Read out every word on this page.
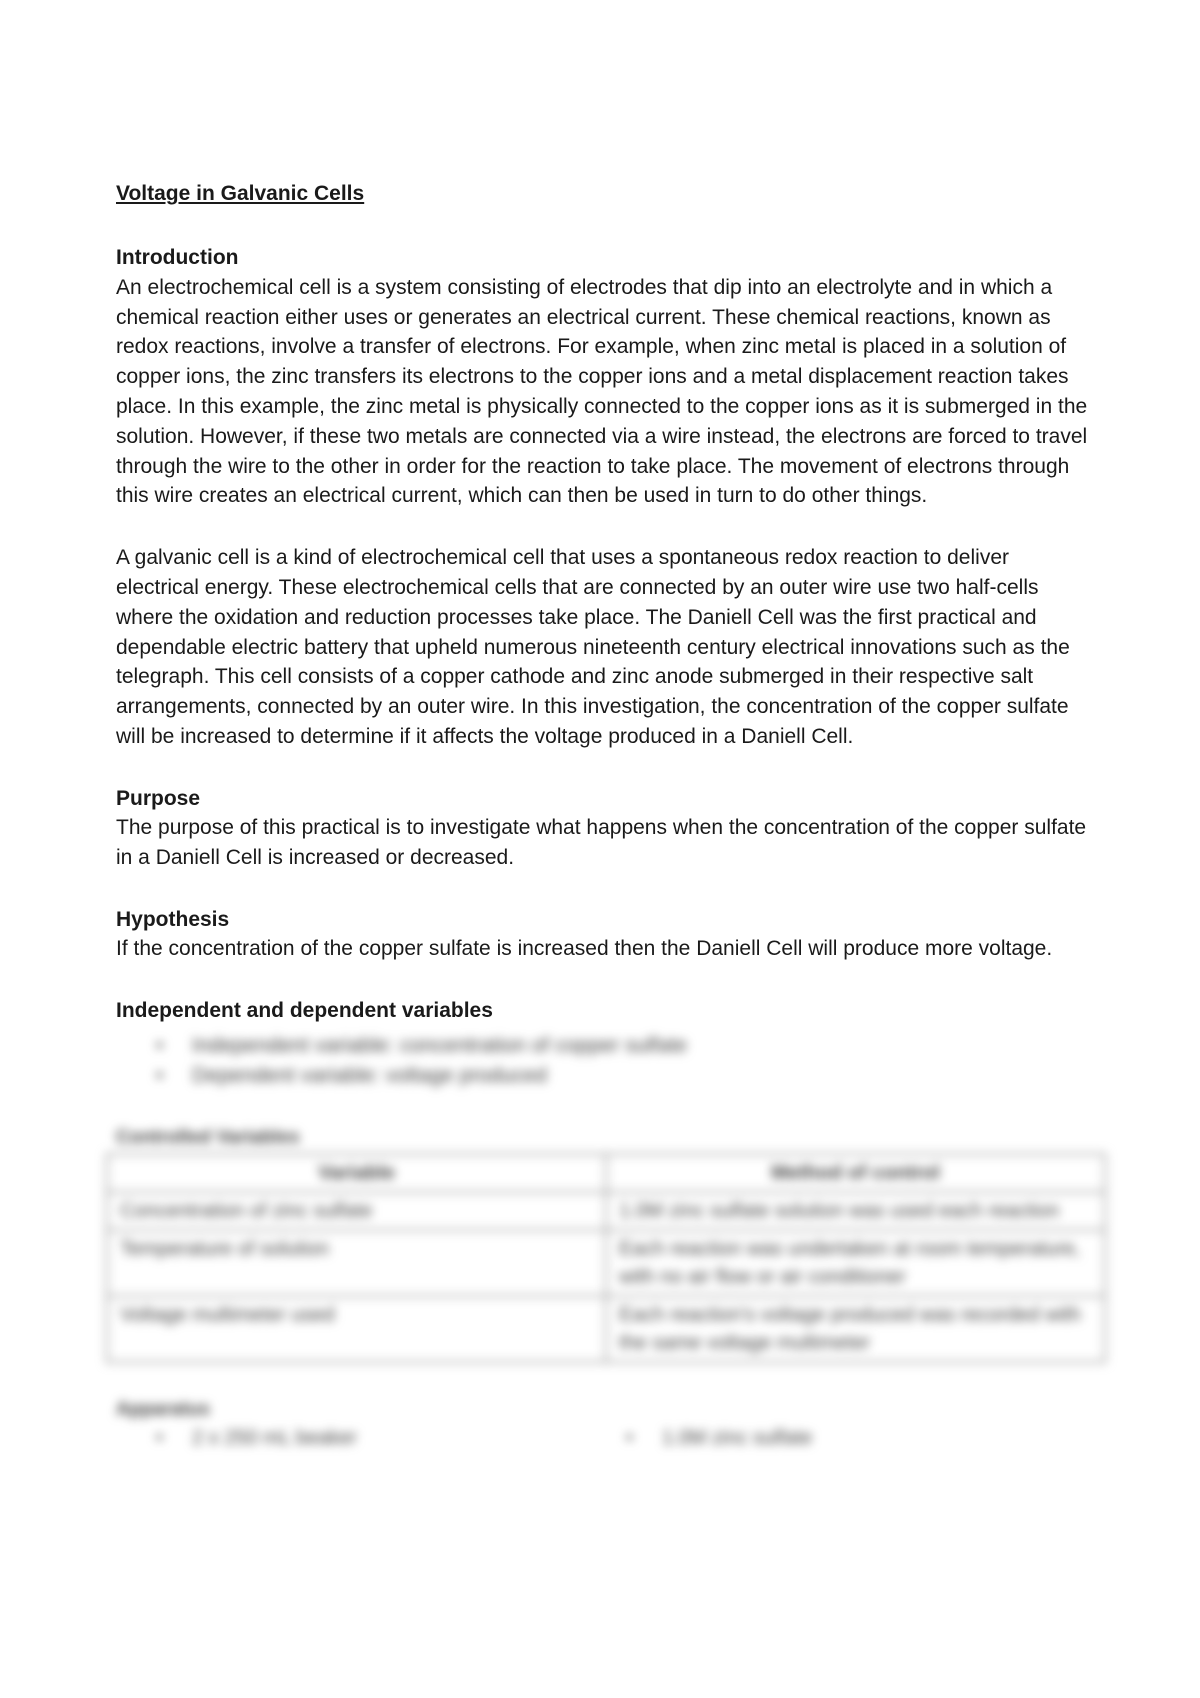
Voltage in Galvanic Cells
Introduction

An electrochemical cell is a system consisting of electrodes that dip into an electrolyte and in which a chemical reaction either uses or generates an electrical current. These chemical reactions, known as redox reactions, involve a transfer of electrons. For example, when zinc metal is placed in a solution of copper ions, the zinc transfers its electrons to the copper ions and a metal displacement reaction takes place. In this example, the zinc metal is physically connected to the copper ions as it is submerged in the solution. However, if these two metals are connected via a wire instead, the electrons are forced to travel through the wire to the other in order for the reaction to take place. The movement of electrons through this wire creates an electrical current, which can then be used in turn to do other things.

A galvanic cell is a kind of electrochemical cell that uses a spontaneous redox reaction to deliver electrical energy. These electrochemical cells that are connected by an outer wire use two half-cells where the oxidation and reduction processes take place. The Daniell Cell was the first practical and dependable electric battery that upheld numerous nineteenth century electrical innovations such as the telegraph. This cell consists of a copper cathode and zinc anode submerged in their respective salt arrangements, connected by an outer wire. In this investigation, the concentration of the copper sulfate will be increased to determine if it affects the voltage produced in a Daniell Cell.

Purpose

The purpose of this practical is to investigate what happens when the concentration of the copper sulfate in a Daniell Cell is increased or decreased.

Hypothesis

If the concentration of the copper sulfate is increased then the Daniell Cell will produce more voltage.

Independent and dependent variables
• Independent variable: concentration of copper sulfate
• Dependent variable: voltage produced
Controlled Variables
Variable	Method of control
Concentration of zinc sulfate	1.0M zinc sulfate solution was used each reaction
Temperature of solution	Each reaction was undertaken at room temperature, with no air flow or air conditioner
Voltage multimeter used	Each reaction's voltage produced was recorded with the same voltage multimeter
Apparatus
• 2 x 250 mL beaker	• 1.0M zinc sulfate
